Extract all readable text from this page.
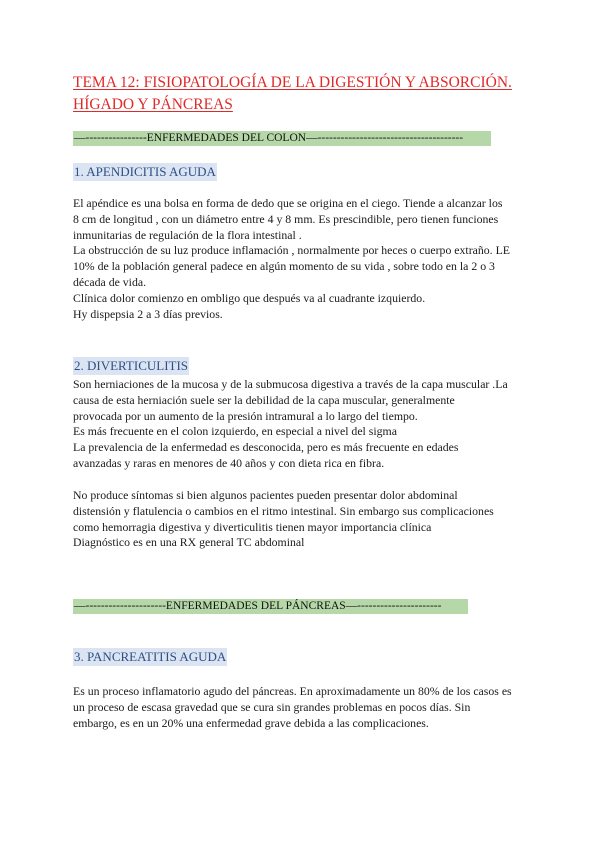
TEMA 12: FISIOPATOLOGÍA DE LA DIGESTIÓN Y ABSORCIÓN. HÍGADO Y PÁNCREAS
—----------------ENFERMEDADES DEL COLON—--------------------------------------
1. APENDICITIS AGUDA
El apéndice es una bolsa en forma de dedo que se origina en el ciego. Tiende a alcanzar los
8 cm de longitud , con un diámetro entre 4 y 8 mm. Es prescindible, pero tienen funciones
inmunitarias de regulación de la flora intestinal .
La obstrucción de su luz produce inflamación , normalmente por heces o cuerpo extraño. LE
10% de la población general padece en algún momento de su vida , sobre todo en la 2 o 3
década de vida.
Clínica dolor comienzo en ombligo que después va al cuadrante izquierdo.
Hy dispepsia 2 a 3 días previos.
2. DIVERTICULITIS
Son herniaciones de la mucosa y de la submucosa digestiva a través de la capa muscular .La
causa de esta herniación suele ser la debilidad de la capa muscular, generalmente
provocada por un aumento de la presión intramural a lo largo del tiempo.
Es más frecuente en el colon izquierdo, en especial a nivel del sigma
La prevalencia de la enfermedad es desconocida, pero es más frecuente en edades
avanzadas y raras en menores de 40 años y con dieta rica en fibra.
No produce síntomas si bien algunos pacientes pueden presentar dolor abdominal
distensión y flatulencia o cambios en el ritmo intestinal. Sin embargo sus complicaciones
como hemorragia digestiva y diverticulitis tienen mayor importancia clínica
Diagnóstico es en una RX general TC abdominal
—---------------------ENFERMEDADES DEL PÁNCREAS—----------------------
3. PANCREATITIS AGUDA
Es un proceso inflamatorio agudo del páncreas. En aproximadamente un 80% de los casos es
un proceso de escasa gravedad que se cura sin grandes problemas en pocos días. Sin
embargo, es en un 20% una enfermedad grave debida a las complicaciones.
